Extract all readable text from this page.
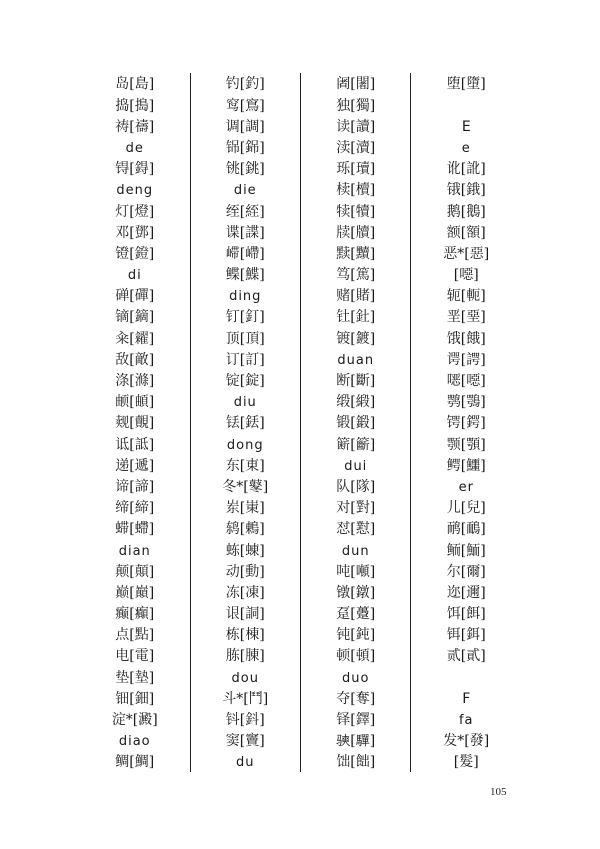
岛[島]
捣[搗]
祷[禱]
de
锝[鍀]
deng
灯[燈]
邓[鄧]
镫[鐙]
di
䃅[磾]
镝[鏑]
籴[糴]
敌[敵]
涤[滌]
𬱖[頔]
觌[覿]
诋[詆]
递[遞]
谛[諦]
缔[締]
䗖[螮]
dian
颠[顛]
巅[巔]
癫[癲]
点[點]
电[電]
垫[墊]
钿[鈿]
淀*[澱]
diao
鲷[鯛]
钓[釣]
窎[窵]
调[調]
铞[銱]
铫[銚]
die
绖[絰]
谍[諜]
𫶇[嵽]
鲽[鰈]
ding
钉[釘]
顶[頂]
订[訂]
锭[錠]
diu
铥[銩]
dong
东[東]
冬*[鼕]
岽[崬]
鸫[鶇]
𬟽[蝀]
动[動]
冻[凍]
𬣳[詷]
栋[棟]
胨[腖]
dou
斗*[鬥]
钭[鈄]
窦[竇]
du
阇[闍]
独[獨]
读[讀]
渎[瀆]
𬍛[瓄]
椟[櫝]
犊[犢]
牍[牘]
黩[黷]
笃[篤]
赌[賭]
钍[釷]
镀[鍍]
duan
断[斷]
缎[緞]
锻[鍛]
簖[籪]
dui
队[隊]
对[對]
怼[懟]
dun
吨[噸]
镦[鐓]
趸[躉]
钝[鈍]
顿[頓]
duo
夺[奪]
铎[鐸]
𫘭[驒]
饳[飿]
堕[墮]
E
e
讹[訛]
锇[鋨]
鹅[鵝]
额[額]
恶*[惡]
[噁]
轭[軛]
垩[堊]
饿[餓]
谔[諤]
𫫇[噁]
鹗[鶚]
锷[鍔]
颚[顎]
鳄[鱷]
er
儿[兒]
鸸[鴯]
鲕[鮞]
尔[爾]
迩[邇]
饵[餌]
铒[鉺]
贰[貳]
F
fa
发*[發]
[髮]
105
